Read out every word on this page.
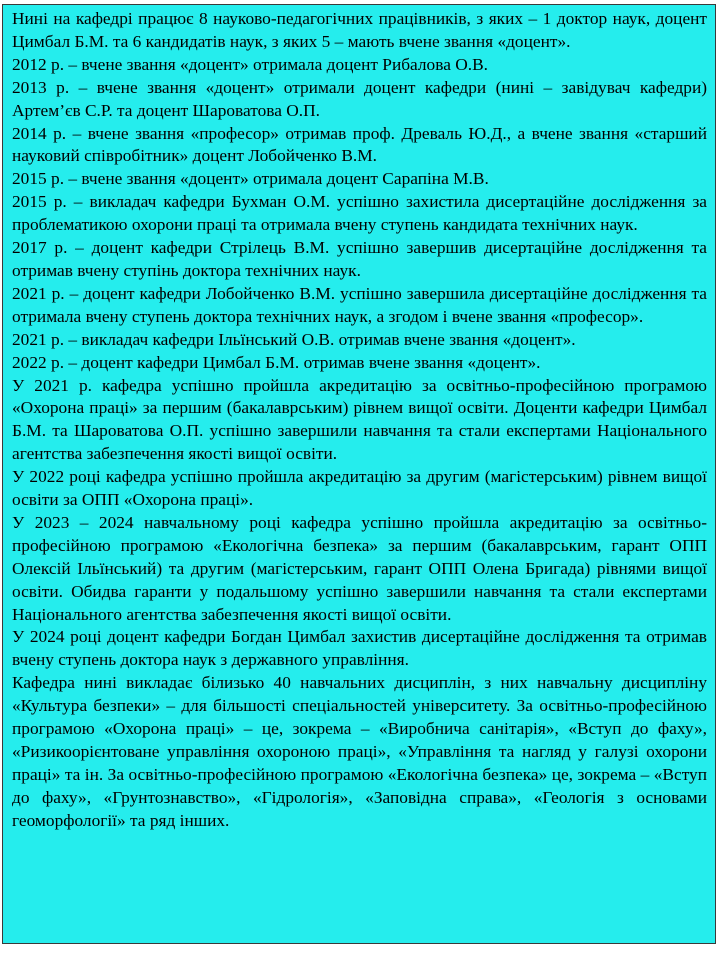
Нині на кафедрі працює 8 науково-педагогічних працівників, з яких – 1 доктор наук, доцент Цимбал Б.М. та 6 кандидатів наук, з яких 5 – мають вчене звання «доцент».

2012 р. – вчене звання «доцент» отримала доцент Рибалова О.В.

2013 р. – вчене звання «доцент» отримали доцент кафедри (нині – завідувач кафедри) Артем’єв С.Р. та доцент Шароватова О.П.

2014 р. – вчене звання «професор» отримав проф. Древаль Ю.Д., а вчене звання «старший науковий співробітник» доцент Лобойченко В.М.

2015 р. – вчене звання «доцент» отримала доцент Сарапіна М.В.

2015 р. – викладач кафедри Бухман О.М. успішно захистила дисертаційне дослідження за проблематикою охорони праці та отримала вчену ступень кандидата технічних наук.

2017 р. – доцент кафедри Стрілець В.М. успішно завершив дисертаційне дослідження та отримав вчену ступінь доктора технічних наук.

2021 р. – доцент кафедри Лобойченко В.М. успішно завершила дисертаційне дослідження та отримала вчену ступень доктора технічних наук, а згодом і вчене звання «професор».

2021 р. – викладач кафедри Ільїнський О.В. отримав вчене звання «доцент».

2022 р. – доцент кафедри Цимбал Б.М. отримав вчене звання «доцент».

У 2021 р. кафедра успішно пройшла акредитацію за освітньо-професійною програмою «Охорона праці» за першим (бакалаврським) рівнем вищої освіти. Доценти кафедри Цимбал Б.М. та Шароватова О.П. успішно завершили навчання та стали експертами Національного агентства забезпечення якості вищої освіти.

У 2022 році кафедра успішно пройшла акредитацію за другим (магістерським) рівнем вищої освіти за ОПП «Охорона праці».

У 2023 – 2024 навчальному році кафедра успішно пройшла акредитацію за освітньо-професійною програмою «Екологічна безпека» за першим (бакалаврським, гарант ОПП Олексій Ільїнський) та другим (магістерським, гарант ОПП Олена Бригада) рівнями вищої освіти. Обидва гаранти у подальшому успішно завершили навчання та стали експертами Національного агентства забезпечення якості вищої освіти.

У 2024 році доцент кафедри Богдан Цимбал захистив дисертаційне дослідження та отримав вчену ступень доктора наук з державного управління.

Кафедра нині викладає білизько 40 навчальних дисциплін, з них навчальну дисципліну «Культура безпеки» – для більшості спеціальностей університету. За освітньо-професійною програмою «Охорона праці» – це, зокрема – «Виробнича санітарія», «Вступ до фаху», «Ризикоорієнтоване управління охороною праці», «Управління та нагляд у галузі охорони праці» та ін. За освітньо-професійною програмою «Екологічна безпека» це, зокрема – «Вступ до фаху», «Грунтознавство», «Гідрологія», «Заповідна справа», «Геологія з основами геоморфології» та ряд інших.
